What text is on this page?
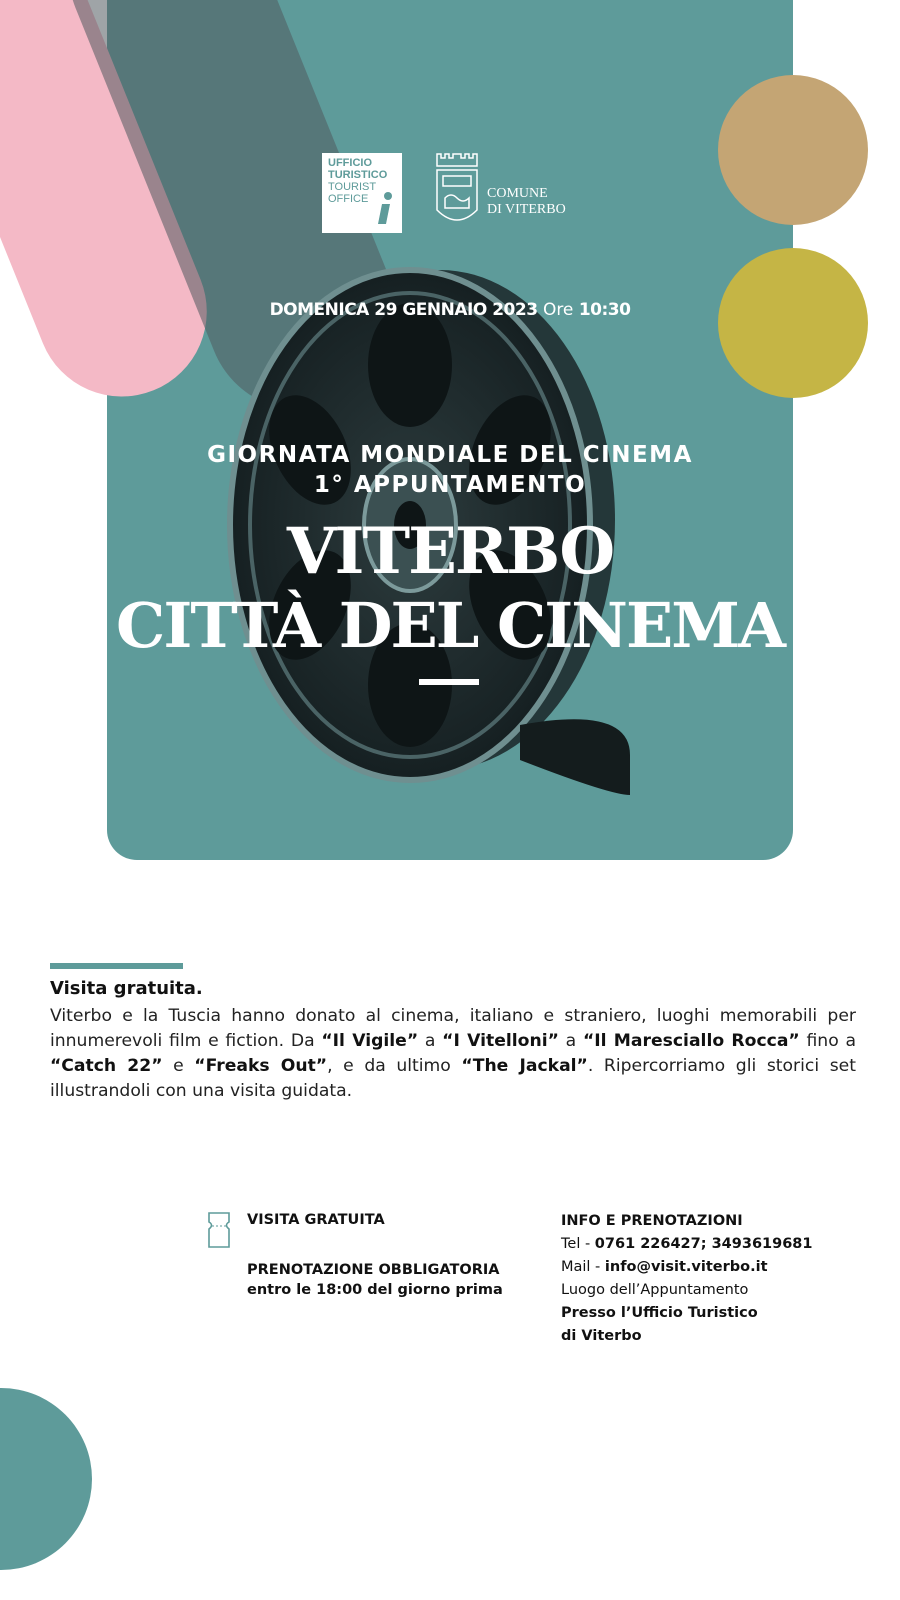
UFFICIO
TURISTICO
TOURIST
OFFICE	COMUNE
DI VITERBO
DOMENICA 29 GENNAIO 2023 Ore 10:30
GIORNATA MONDIALE DEL CINEMA
1° APPUNTAMENTO
VITERBO
CITTÀ DEL CINEMA
Visita gratuita.
Viterbo e la Tuscia hanno donato al cinema, italiano e straniero, luoghi memorabili per innumerevoli film e fiction. Da “Il Vigile” a “I Vitelloni” a “Il Maresciallo Rocca” fino a “Catch 22” e “Freaks Out”, e da ultimo “The Jackal”. Ripercorriamo gli storici set illustrandoli con una visita guidata.
VISITA GRATUITA
PRENOTAZIONE OBBLIGATORIA
entro le 18:00 del giorno prima
INFO E PRENOTAZIONI
Tel - 0761 226427; 3493619681
Mail - info@visit.viterbo.it
Luogo dell’Appuntamento
Presso l’Ufficio Turistico
di Viterbo
